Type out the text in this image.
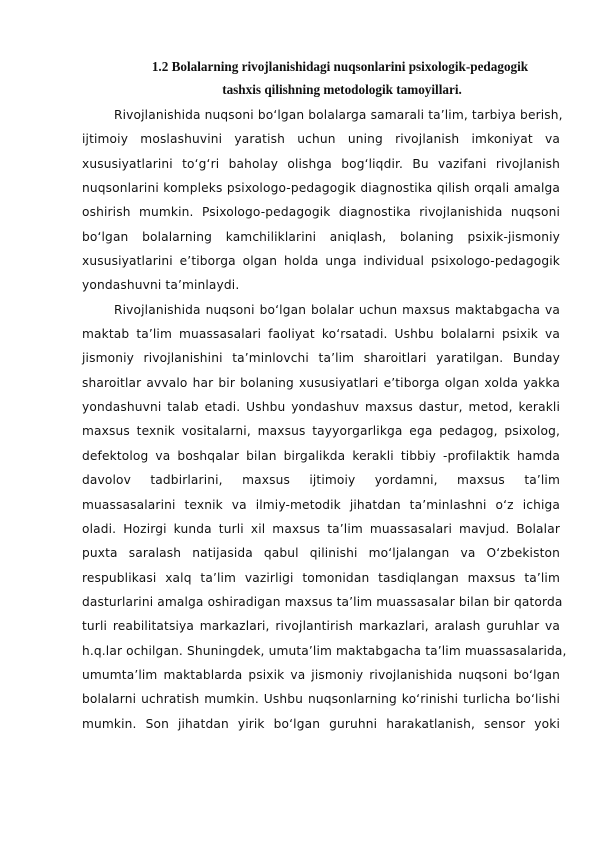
1.2 Bolalarning rivojlanishidagi nuqsonlarini psixologik-pedagogik
tashxis qilishning metodologik tamoyillari.
Rivojlanishida nuqsoni bo‘lgan bolalarga samarali ta’lim, tarbiya berish,
ijtimoiy moslashuvini yaratish uchun uning rivojlanish imkoniyat va
xususiyatlarini to‘g‘ri baholay olishga bog‘liqdir. Bu vazifani rivojlanish
nuqsonlarini kompleks psixologo-pedagogik diagnostika qilish orqali amalga
oshirish mumkin. Psixologo-pedagogik diagnostika rivojlanishida nuqsoni
bo‘lgan bolalarning kamchiliklarini aniqlash, bolaning psixik-jismoniy
xususiyatlarini e’tiborga olgan holda unga individual psixologo-pedagogik
yondashuvni ta’minlaydi.
Rivojlanishida nuqsoni bo‘lgan bolalar uchun maxsus maktabgacha va
maktab ta’lim muassasalari faoliyat ko‘rsatadi. Ushbu bolalarni psixik va
jismoniy rivojlanishini ta’minlovchi ta’lim sharoitlari yaratilgan. Bunday
sharoitlar avvalo har bir bolaning xususiyatlari e’tiborga olgan xolda yakka
yondashuvni talab etadi. Ushbu yondashuv maxsus dastur, metod, kerakli
maxsus texnik vositalarni, maxsus tayyorgarlikga ega pedagog, psixolog,
defektolog va boshqalar bilan birgalikda kerakli tibbiy -profilaktik hamda
davolov tadbirlarini, maxsus ijtimoiy yordamni, maxsus ta’lim
muassasalarini texnik va ilmiy-metodik jihatdan ta’minlashni o‘z ichiga
oladi. Hozirgi kunda turli xil maxsus ta’lim muassasalari mavjud. Bolalar
puxta saralash natijasida qabul qilinishi mo‘ljalangan va O‘zbekiston
respublikasi xalq ta’lim vazirligi tomonidan tasdiqlangan maxsus ta’lim
dasturlarini amalga oshiradigan maxsus ta’lim muassasalar bilan bir qatorda
turli reabilitatsiya markazlari, rivojlantirish markazlari, aralash guruhlar va
h.q.lar ochilgan. Shuningdek, umuta’lim maktabgacha ta’lim muassasalarida,
umumta’lim maktablarda psixik va jismoniy rivojlanishida nuqsoni bo‘lgan
bolalarni uchratish mumkin. Ushbu nuqsonlarning ko‘rinishi turlicha bo‘lishi
mumkin. Son jihatdan yirik bo‘lgan guruhni harakatlanish, sensor yoki
